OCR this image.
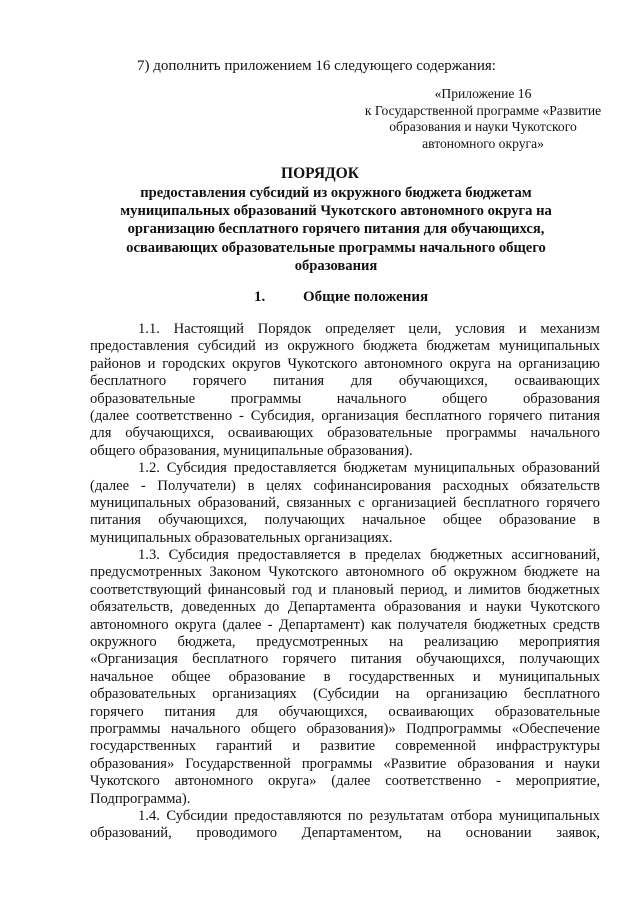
7) дополнить приложением 16 следующего содержания:
«Приложение 16
к Государственной программе «Развитие
образования и науки Чукотского
автономного округа»
ПОРЯДОК
предоставления субсидий из окружного бюджета бюджетам
муниципальных образований Чукотского автономного округа на
организацию бесплатного горячего питания для обучающихся,
осваивающих образовательные программы начального общего
образования
1.	Общие положения
1.1. Настоящий Порядок определяет цели, условия и механизм
предоставления субсидий из окружного бюджета бюджетам муниципальных
районов и городских округов Чукотского автономного округа на организацию
бесплатного горячего питания для обучающихся, осваивающих
образовательные программы начального общего образования
(далее соответственно - Субсидия, организация бесплатного горячего питания
для обучающихся, осваивающих образовательные программы начального
общего образования, муниципальные образования).
1.2. Субсидия предоставляется бюджетам муниципальных образований
(далее - Получатели) в целях софинансирования расходных обязательств
муниципальных образований, связанных с организацией бесплатного горячего
питания обучающихся, получающих начальное общее образование в
муниципальных образовательных организациях.
1.3. Субсидия предоставляется в пределах бюджетных ассигнований,
предусмотренных Законом Чукотского автономного об окружном бюджете на
соответствующий финансовый год и плановый период, и лимитов бюджетных
обязательств, доведенных до Департамента образования и науки Чукотского
автономного округа (далее - Департамент) как получателя бюджетных средств
окружного бюджета, предусмотренных на реализацию мероприятия
«Организация бесплатного горячего питания обучающихся, получающих
начальное общее образование в государственных и муниципальных
образовательных организациях (Субсидии на организацию бесплатного
горячего питания для обучающихся, осваивающих образовательные
программы начального общего образования)» Подпрограммы «Обеспечение
государственных гарантий и развитие современной инфраструктуры
образования» Государственной программы «Развитие образования и науки
Чукотского автономного округа» (далее соответственно - мероприятие,
Подпрограмма).
1.4. Субсидии предоставляются по результатам отбора муниципальных
образований, проводимого Департаментом, на основании заявок,
